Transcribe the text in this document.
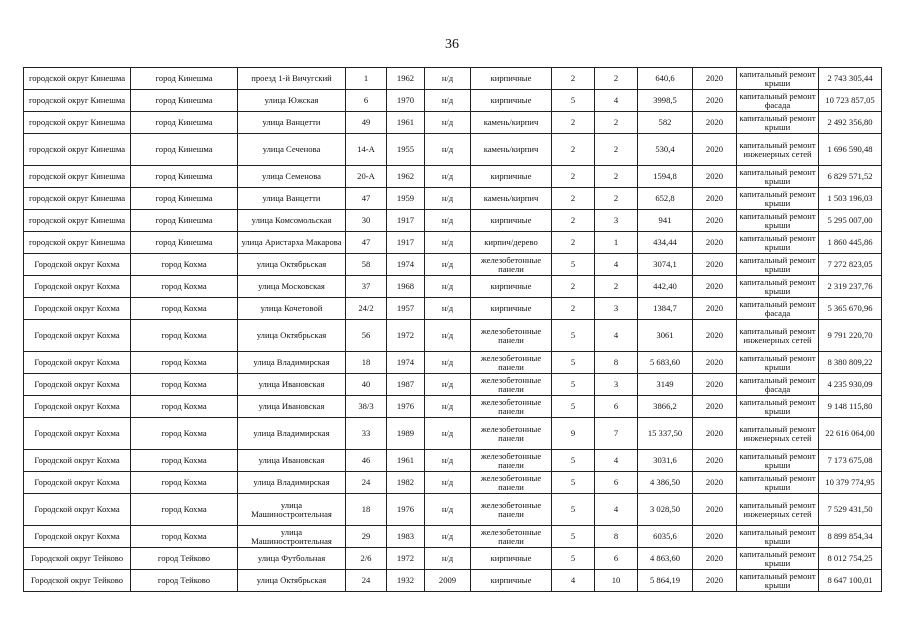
36
городской округ Кинешма	город Кинешма	проезд 1-й Вичугский	1	1962	н/д	кирпичные	2	2	640,6	2020	капитальный ремонт крыши	2 743 305,44
городской округ Кинешма	город Кинешма	улица Южская	6	1970	н/д	кирпичные	5	4	3998,5	2020	капитальный ремонт фасада	10 723 857,05
городской округ Кинешма	город Кинешма	улица Ванцетти	49	1961	н/д	камень/кирпич	2	2	582	2020	капитальный ремонт крыши	2 492 356,80
городской округ Кинешма	город Кинешма	улица Сеченова	14-А	1955	н/д	камень/кирпич	2	2	530,4	2020	капитальный ремонт инженерных сетей	1 696 590,48
городской округ Кинешма	город Кинешма	улица Семенова	20-А	1962	н/д	кирпичные	2	2	1594,8	2020	капитальный ремонт крыши	6 829 571,52
городской округ Кинешма	город Кинешма	улица Ванцетти	47	1959	н/д	камень/кирпич	2	2	652,8	2020	капитальный ремонт крыши	1 503 196,03
городской округ Кинешма	город Кинешма	улица Комсомольская	30	1917	н/д	кирпичные	2	3	941	2020	капитальный ремонт крыши	5 295 007,00
городской округ Кинешма	город Кинешма	улица Аристарха Макарова	47	1917	н/д	кирпич/дерево	2	1	434,44	2020	капитальный ремонт крыши	1 860 445,86
Городской округ Кохма	город Кохма	улица Октябрьская	58	1974	н/д	железобетонные панели	5	4	3074,1	2020	капитальный ремонт крыши	7 272 823,05
Городской округ Кохма	город Кохма	улица Московская	37	1968	н/д	кирпичные	2	2	442,40	2020	капитальный ремонт крыши	2 319 237,76
Городской округ Кохма	город Кохма	улица Кочетовой	24/2	1957	н/д	кирпичные	2	3	1384,7	2020	капитальный ремонт фасада	5 365 670,96
Городской округ Кохма	город Кохма	улица Октябрьская	56	1972	н/д	железобетонные панели	5	4	3061	2020	капитальный ремонт инженерных сетей	9 791 220,70
Городской округ Кохма	город Кохма	улица Владимирская	18	1974	н/д	железобетонные панели	5	8	5 683,60	2020	капитальный ремонт крыши	8 380 809,22
Городской округ Кохма	город Кохма	улица Ивановская	40	1987	н/д	железобетонные панели	5	3	3149	2020	капитальный ремонт фасада	4 235 930,09
Городской округ Кохма	город Кохма	улица Ивановская	38/3	1976	н/д	железобетонные панели	5	6	3866,2	2020	капитальный ремонт крыши	9 148 115,80
Городской округ Кохма	город Кохма	улица Владимирская	33	1989	н/д	железобетонные панели	9	7	15 337,50	2020	капитальный ремонт инженерных сетей	22 616 064,00
Городской округ Кохма	город Кохма	улица Ивановская	46	1961	н/д	железобетонные панели	5	4	3031,6	2020	капитальный ремонт крыши	7 173 675,08
Городской округ Кохма	город Кохма	улица Владимирская	24	1982	н/д	железобетонные панели	5	6	4 386,50	2020	капитальный ремонт крыши	10 379 774,95
Городской округ Кохма	город Кохма	улица Машиностроительная	18	1976	н/д	железобетонные панели	5	4	3 028,50	2020	капитальный ремонт инженерных сетей	7 529 431,50
Городской округ Кохма	город Кохма	улица Машиностроительная	29	1983	н/д	железобетонные панели	5	8	6035,6	2020	капитальный ремонт крыши	8 899 854,34
Городской округ Тейково	город Тейково	улица Футбольная	2/6	1972	н/д	кирпичные	5	6	4 863,60	2020	капитальный ремонт крыши	8 012 754,25
Городской округ Тейково	город Тейково	улица Октябрьская	24	1932	2009	кирпичные	4	10	5 864,19	2020	капитальный ремонт крыши	8 647 100,01
